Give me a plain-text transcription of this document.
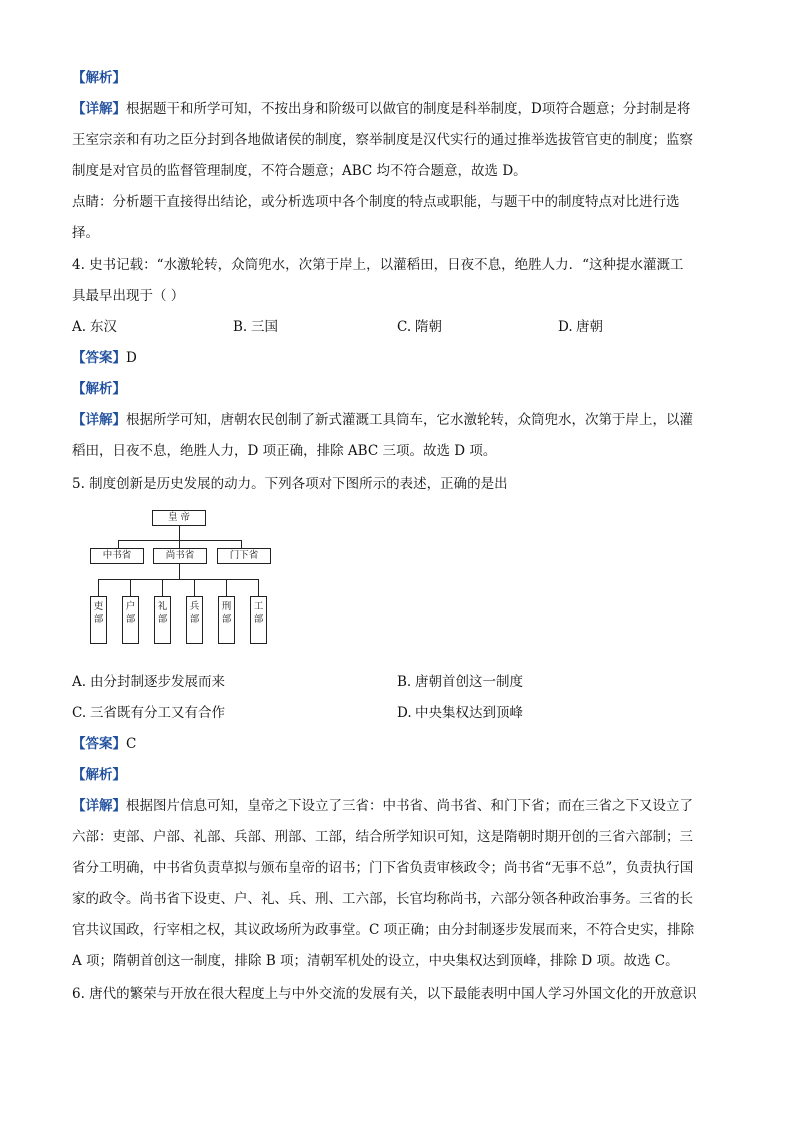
【解析】
【详解】根据题干和所学可知，不按出身和阶级可以做官的制度是科举制度，D项符合题意；分封制是将
王室宗亲和有功之臣分封到各地做诸侯的制度，察举制度是汉代实行的通过推举选拔管官吏的制度；监察
制度是对官员的监督管理制度，不符合题意；ABC 均不符合题意，故选 D。
点睛：分析题干直接得出结论，或分析选项中各个制度的特点或职能，与题干中的制度特点对比进行选
择。
4. 史书记载：“水激轮转，众筒兜水，次第于岸上，以灌稻田，日夜不息，绝胜人力．“这种提水灌溉工
具最早出现于（ ）
A. 东汉	B. 三国	C. 隋朝	D. 唐朝
【答案】D
【解析】
【详解】根据所学可知，唐朝农民创制了新式灌溉工具筒车，它水激轮转，众筒兜水，次第于岸上，以灌
稻田，日夜不息，绝胜人力，D 项正确，排除 ABC 三项。故选 D 项。
5. 制度创新是历史发展的动力。下列各项对下图所示的表述，正确的是出
皇 帝
中书省	尚书省	门下省
吏
部
户
部
礼
部
兵
部
刑
部
工
部
A. 由分封制逐步发展而来	B. 唐朝首创这一制度
C. 三省既有分工又有合作	D. 中央集权达到顶峰
【答案】C
【解析】
【详解】根据图片信息可知，皇帝之下设立了三省：中书省、尚书省、和门下省；而在三省之下又设立了
六部：吏部、户部、礼部、兵部、刑部、工部，结合所学知识可知，这是隋朝时期开创的三省六部制；三
省分工明确，中书省负责草拟与颁布皇帝的诏书；门下省负责审核政令；尚书省“无事不总”，负责执行国
家的政令。尚书省下设吏、户、礼、兵、刑、工六部，长官均称尚书，六部分领各种政治事务。三省的长
官共议国政，行宰相之权，其议政场所为政事堂。C 项正确；由分封制逐步发展而来，不符合史实，排除
A 项；隋朝首创这一制度，排除 B 项；清朝军机处的设立，中央集权达到顶峰，排除 D 项。故选 C。
6. 唐代的繁荣与开放在很大程度上与中外交流的发展有关，以下最能表明中国人学习外国文化的开放意识
